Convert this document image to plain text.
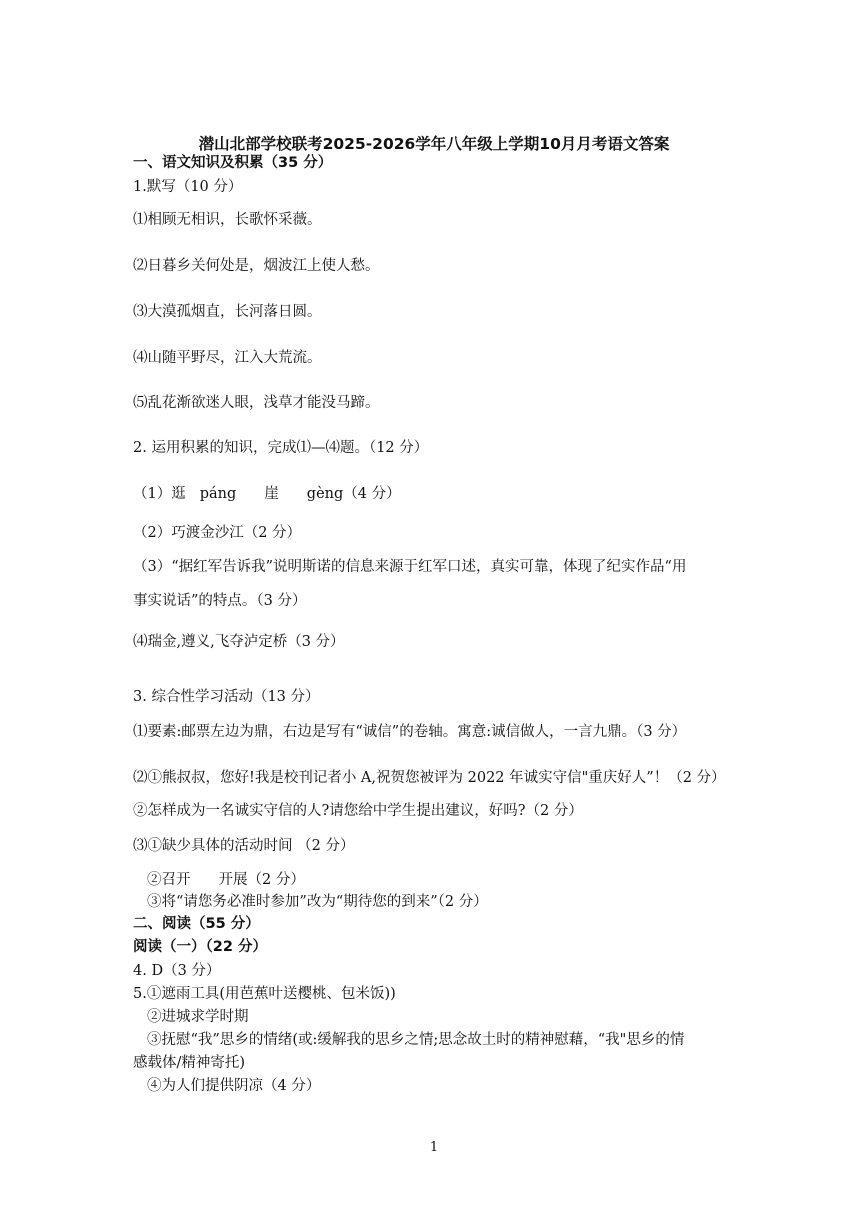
潜山北部学校联考2025-2026学年八年级上学期10月月考语文答案
一、语文知识及积累（35 分）
1.默写（10 分）
⑴相顾无相识，长歌怀采薇。
⑵日暮乡关何处是，烟波江上使人愁。
⑶大漠孤烟直，长河落日圆。
⑷山随平野尽，江入大荒流。
⑸乱花渐欲迷人眼，浅草才能没马蹄。
2. 运用积累的知识，完成⑴—⑷题。（12 分）
（1）逛 páng 崖 gèng（4 分）
（2）巧渡金沙江（2 分）
（3）“据红军告诉我”说明斯诺的信息来源于红军口述，真实可靠，体现了纪实作品“用
事实说话”的特点。（3 分）
⑷瑞金,遵义,飞夺泸定桥（3 分）
3. 综合性学习活动（13 分）
⑴要素:邮票左边为鼎，右边是写有“诚信”的卷轴。寓意:诚信做人，一言九鼎。（3 分）
⑵①熊叔叔，您好!我是校刊记者小 A,祝贺您被评为 2022 年诚实守信"重庆好人”！（2 分）
②怎样成为一名诚实守信的人?请您给中学生提出建议，好吗?（2 分）
⑶①缺少具体的活动时间 （2 分）
②召开 开展（2 分）
③将“请您务必准时参加”改为“期待您的到来”（2 分）
二、阅读（55 分）
阅读（一）（22 分）
4. D（3 分）
5.①遮雨工具(用芭蕉叶送樱桃、包米饭))
②进城求学时期
③抚慰“我”思乡的情绪(或:缓解我的思乡之情;思念故土时的精神慰藉，“我"思乡的情
感载体/精神寄托)
④为人们提供阴凉（4 分）
1
